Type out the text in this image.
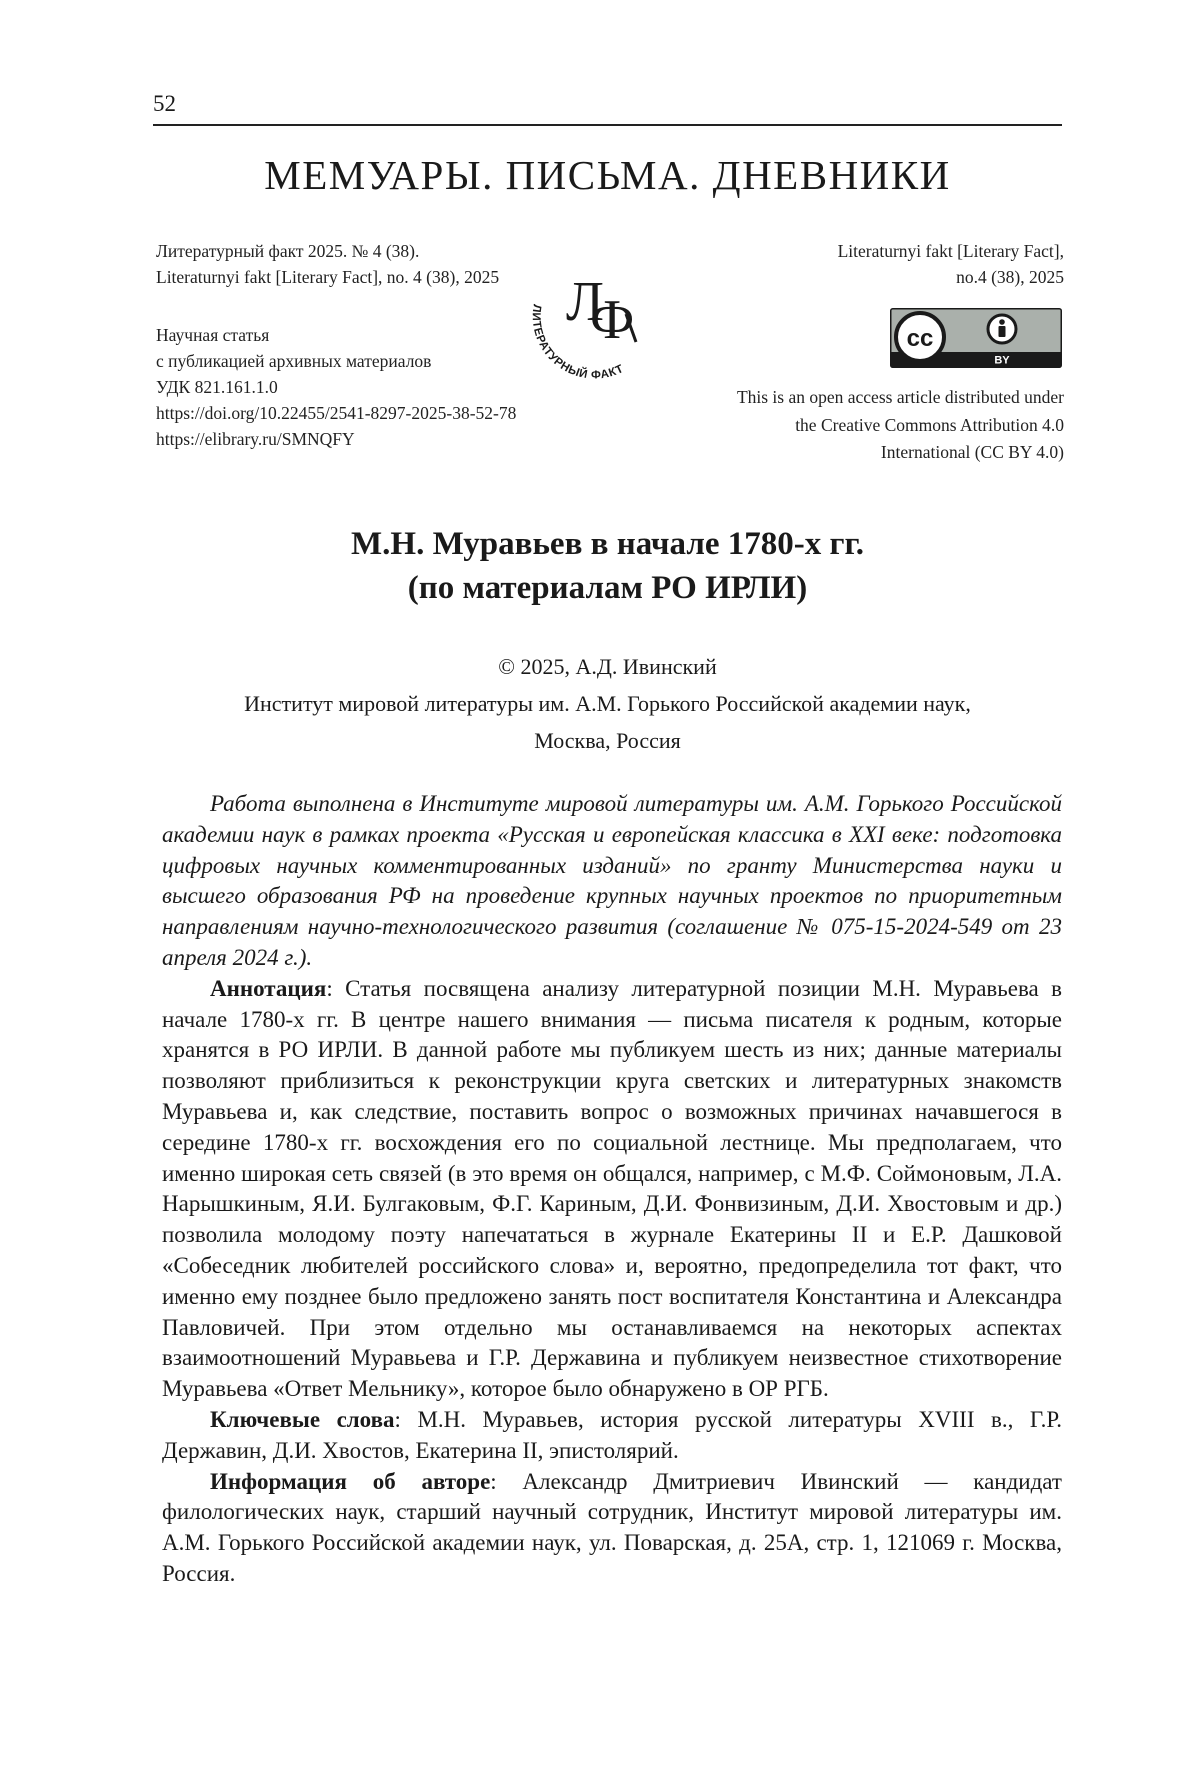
52
МЕМУАРЫ. ПИСЬМА. ДНЕВНИКИ
Литературный факт 2025. № 4 (38).
Literaturnyi fakt [Literary Fact], no. 4 (38), 2025
Научная статья
с публикацией архивных материалов
УДК 821.161.1.0
https://doi.org/10.22455/2541-8297-2025-38-52-78
https://elibrary.ru/SMNQFY
Literaturnyi fakt [Literary Fact],
no.4 (38), 2025
Л
Ф
ЛИТЕРАТУРНЫЙ ФАКТ
cc
BY
This is an open access article distributed under
the Creative Commons Attribution 4.0
International (CC BY 4.0)
М.Н. Муравьев в начале 1780-х гг.
(по материалам РО ИРЛИ)
© 2025, А.Д. Ивинский
Институт мировой литературы им. А.М. Горького Российской академии наук,
Москва, Россия

Работа выполнена в Институте мировой литературы им. А.М. Горького Российской академии наук в рамках проекта «Русская и европейская классика в XXI веке: подготовка цифровых научных комментированных изданий» по гранту Министерства науки и высшего образования РФ на проведение крупных научных проектов по приоритетным направлениям научно-технологического развития (соглашение № 075-15-2024-549 от 23 апреля 2024 г.).

Аннотация: Статья посвящена анализу литературной позиции М.Н. Муравьева в начале 1780-х гг. В центре нашего внимания — письма писателя к родным, которые хранятся в РО ИРЛИ. В данной работе мы публикуем шесть из них; данные материалы позволяют приблизиться к реконструкции круга светских и литературных знакомств Муравьева и, как следствие, поставить вопрос о возможных причинах начавшегося в середине 1780-х гг. восхождения его по социальной лестнице. Мы предполагаем, что именно широкая сеть связей (в это время он общался, например, с М.Ф. Соймоновым, Л.А. Нарышкиным, Я.И. Булгаковым, Ф.Г. Кариным, Д.И. Фонвизиным, Д.И. Хвостовым и др.) позволила молодому поэту напечататься в журнале Екатерины II и Е.Р. Дашковой «Собеседник любителей российского слова» и, вероятно, предопределила тот факт, что именно ему позднее было предложено занять пост воспитателя Константина и Александра Павловичей. При этом отдельно мы останавливаемся на некоторых аспектах взаимоотношений Муравьева и Г.Р. Державина и публикуем неизвестное стихотворение Муравьева «Ответ Мельнику», которое было обнаружено в ОР РГБ.

Ключевые слова: М.Н. Муравьев, история русской литературы XVIII в., Г.Р. Державин, Д.И. Хвостов, Екатерина II, эпистолярий.

Информация об авторе: Александр Дмитриевич Ивинский — кандидат филологических наук, старший научный сотрудник, Институт мировой литературы им. А.М. Горького Российской академии наук, ул. Поварская, д. 25А, стр. 1, 121069 г. Москва, Россия.
